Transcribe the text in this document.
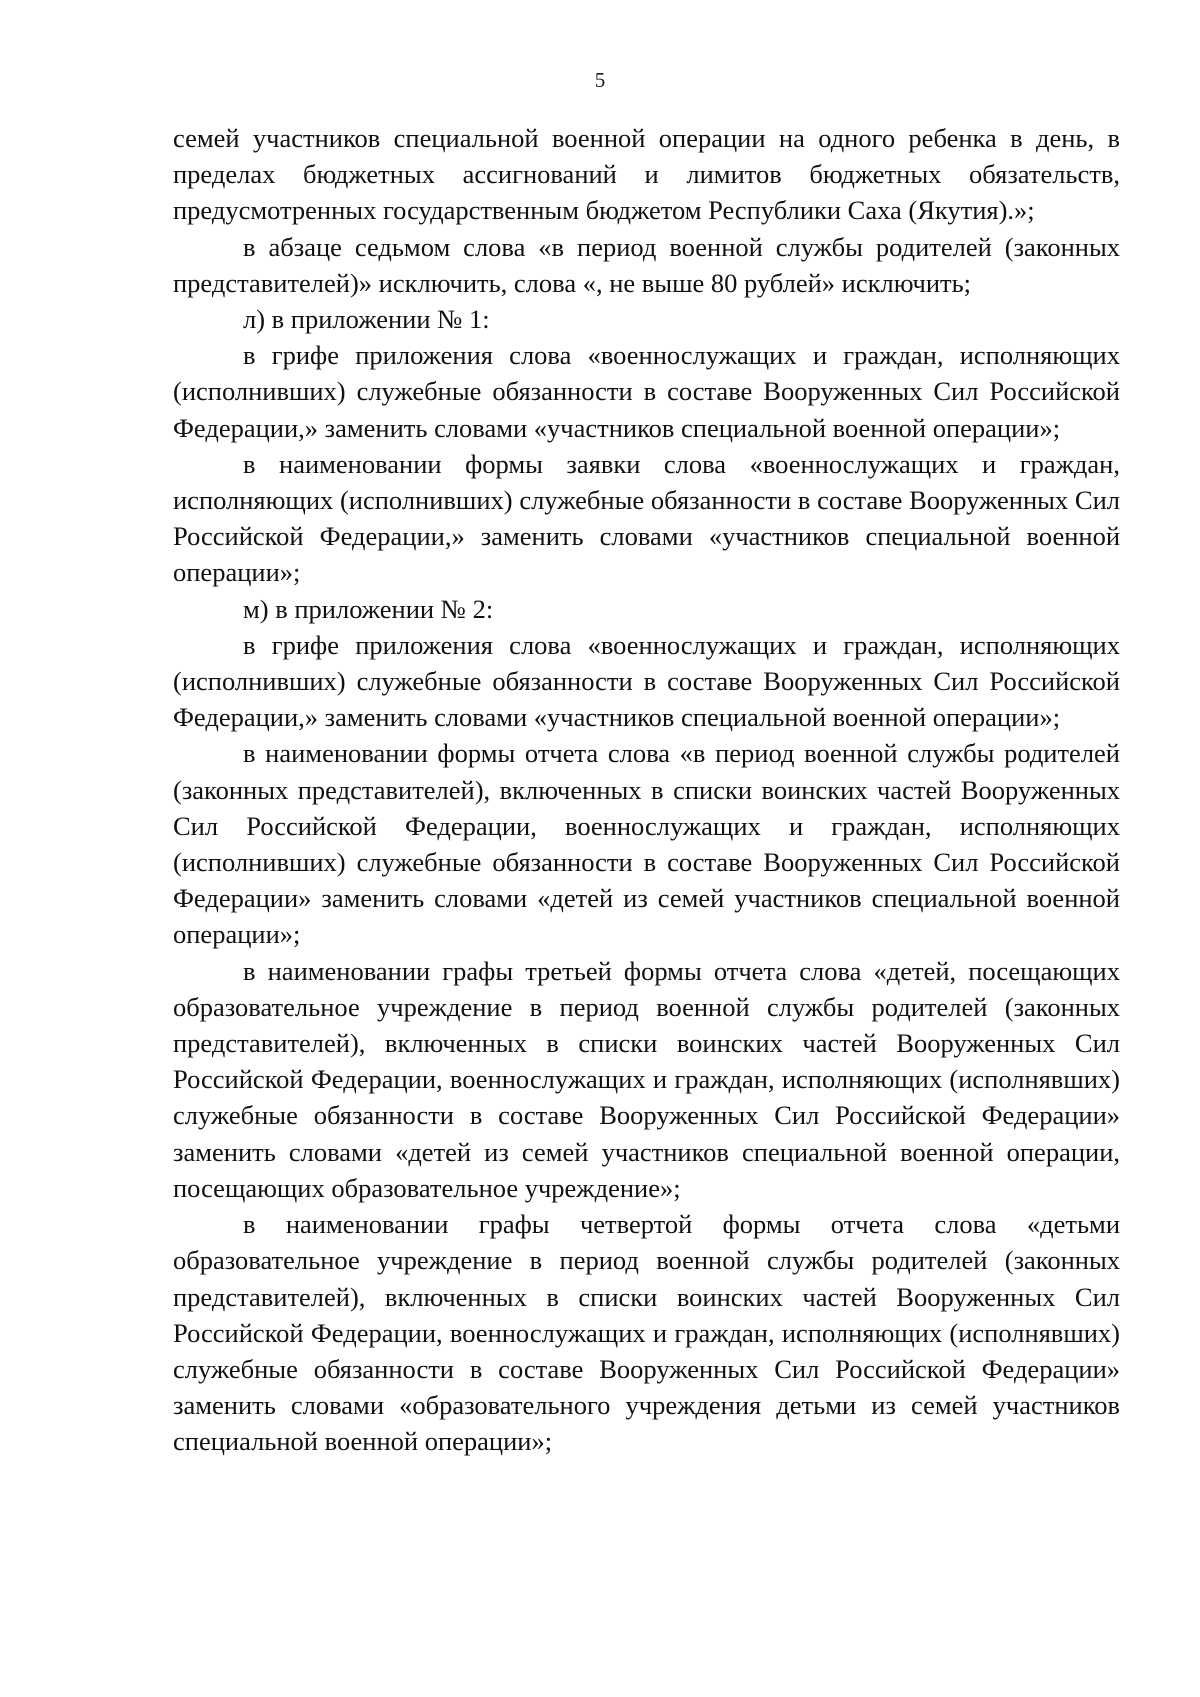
5

семей участников специальной военной операции на одного ребенка в день, в пределах бюджетных ассигнований и лимитов бюджетных обязательств, предусмотренных государственным бюджетом Республики Саха (Якутия).»;

в абзаце седьмом слова «в период военной службы родителей (законных представителей)» исключить, слова «, не выше 80 рублей» исключить;

л) в приложении № 1:

в грифе приложения слова «военнослужащих и граждан, исполняющих (исполнивших) служебные обязанности в составе Вооруженных Сил Российской Федерации,» заменить словами «участников специальной военной операции»;

в наименовании формы заявки слова «военнослужащих и граждан, исполняющих (исполнивших) служебные обязанности в составе Вооруженных Сил Российской Федерации,» заменить словами «участников специальной военной операции»;

м) в приложении № 2:

в грифе приложения слова «военнослужащих и граждан, исполняющих (исполнивших) служебные обязанности в составе Вооруженных Сил Российской Федерации,» заменить словами «участников специальной военной операции»;

в наименовании формы отчета слова «в период военной службы родителей (законных представителей), включенных в списки воинских частей Вооруженных Сил Российской Федерации, военнослужащих и граждан, исполняющих (исполнивших) служебные обязанности в составе Вооруженных Сил Российской Федерации» заменить словами «детей из семей участников специальной военной операции»;

в наименовании графы третьей формы отчета слова «детей, посещающих образовательное учреждение в период военной службы родителей (законных представителей), включенных в списки воинских частей Вооруженных Сил Российской Федерации, военнослужащих и граждан, исполняющих (исполнявших) служебные обязанности в составе Вооруженных Сил Российской Федерации» заменить словами «детей из семей участников специальной военной операции, посещающих образовательное учреждение»;

в наименовании графы четвертой формы отчета слова «детьми образовательное учреждение в период военной службы родителей (законных представителей), включенных в списки воинских частей Вооруженных Сил Российской Федерации, военнослужащих и граждан, исполняющих (исполнявших) служебные обязанности в составе Вооруженных Сил Российской Федерации» заменить словами «образовательного учреждения детьми из семей участников специальной военной операции»;
